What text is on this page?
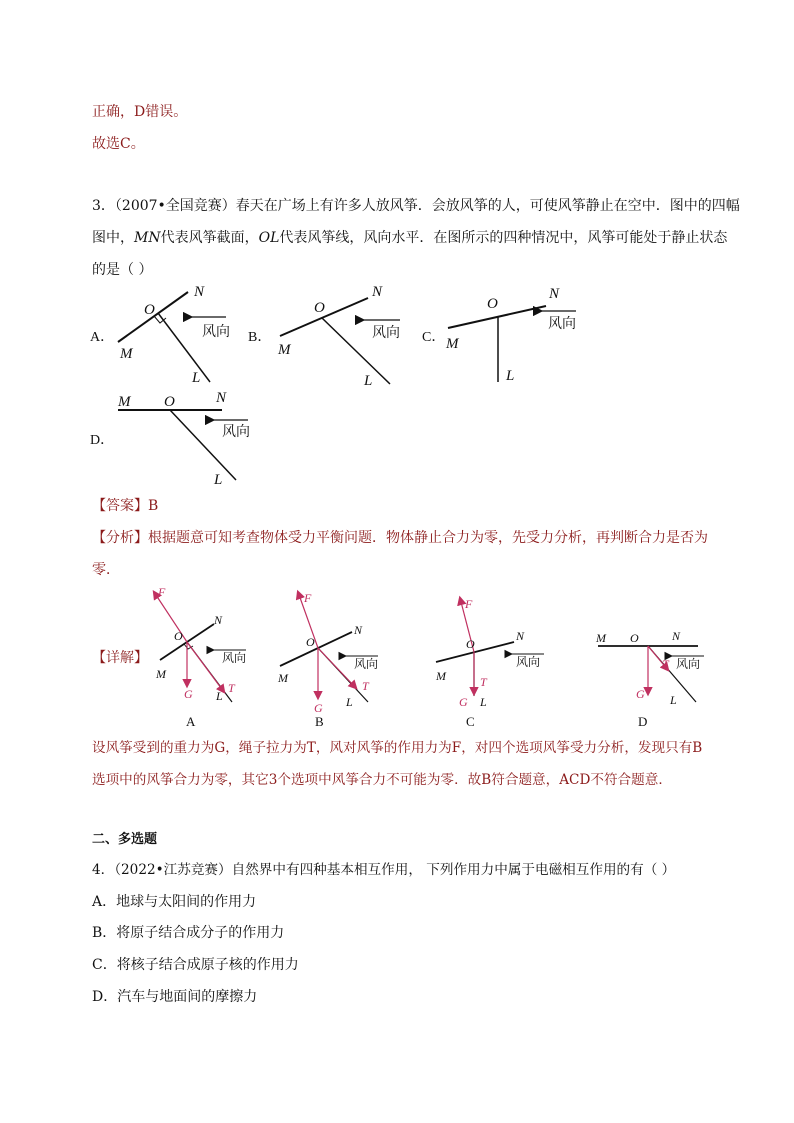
正确，D错误。
故选C。
3．（2007•全国竞赛）春天在广场上有许多人放风筝．会放风筝的人，可使风筝静止在空中．图中的四幅
图中，MN代表风筝截面，OL代表风筝线，风向水平．在图所示的四种情况中，风筝可能处于静止状态
的是（ ）
A．
O
N
M
L
风向 B．
O
N
M
L
风向 C．
O
N
M
L
风向
D．
M O	N
L
风向
【答案】B
【分析】根据题意可知考查物体受力平衡问题．物体静止合力为零，先受力分析，再判断合力是否为
零．
【详解】
F
G	T
O
N
M
L
风向
A
F
G
T
O
N
M
L
风向
B
F
G
T
O
N
M
L
风向
C
M O	N
G
T
L
风向
D
设风筝受到的重力为G，绳子拉力为T，风对风筝的作用力为F，对四个选项风筝受力分析，发现只有B
选项中的风筝合力为零，其它3个选项中风筝合力不可能为零．故B符合题意，ACD不符合题意．
二、多选题
4．（2022•江苏竞赛）自然界中有四种基本相互作用， 下列作用力中属于电磁相互作用的有（ ）
A．地球与太阳间的作用力
B．将原子结合成分子的作用力
C．将核子结合成原子核的作用力
D．汽车与地面间的摩擦力
